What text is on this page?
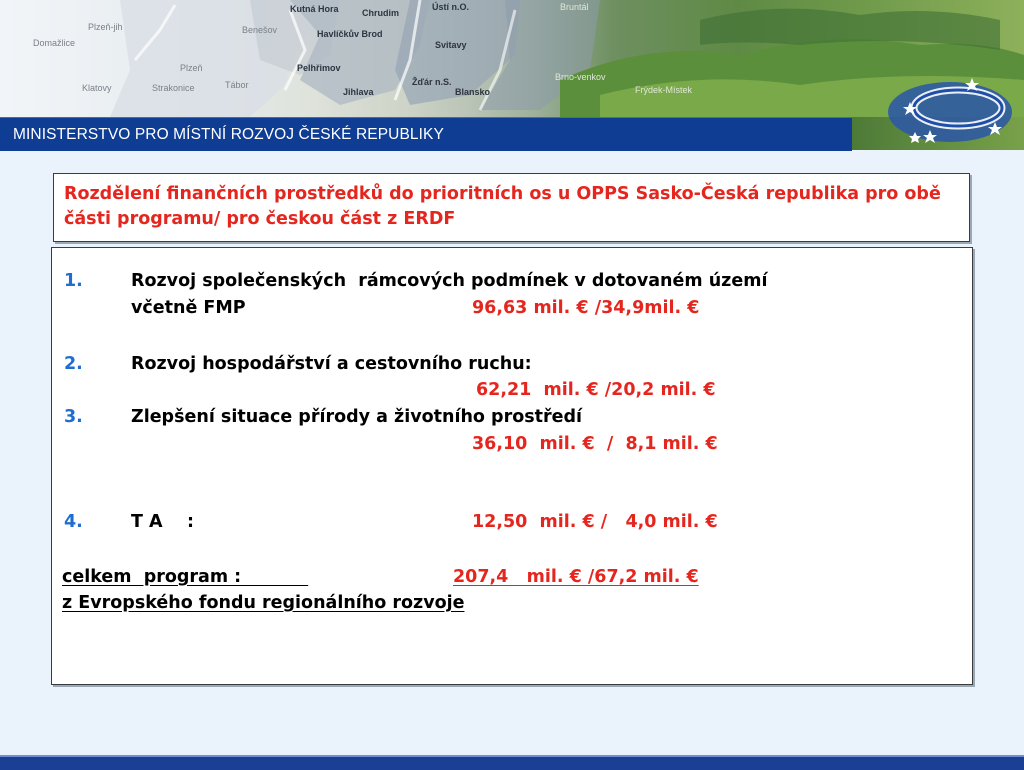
Domažlice
Plzeň-jih
Plzeň
Klatovy	Strakonice	Tábor
Benešov
Kutná Hora	Chrudim
Havlíčkův Brod
Pelhřimov
Jihlava
Svitavy
Žďár n.S.
Blansko
Ústí n.O.
Brno-venkov
Frýdek-Místek
Bruntál
MINISTERSTVO PRO MÍSTNÍ ROZVOJ ČESKÉ REPUBLIKY

Rozdělení finančních prostředků do prioritních os u OPPS Sasko-Česká republika pro obě části programu/ pro českou část z ERDF

1.	Rozvoj společenských  rámcových podmínek v dotovaném území
včetně FMP	96,63 mil. € /34,9mil. €
2.	Rozvoj hospodářství a cestovního ruchu:
62,21  mil. € /20,2 mil. €
3.	Zlepšení situace přírody a životního prostředí
36,10  mil. €  /  8,1 mil. €
4.	T A    :	12,50  mil. € /   4,0 mil. €
celkem  program :	207,4   mil. € /67,2 mil. €
z Evropského fondu regionálního rozvoje
